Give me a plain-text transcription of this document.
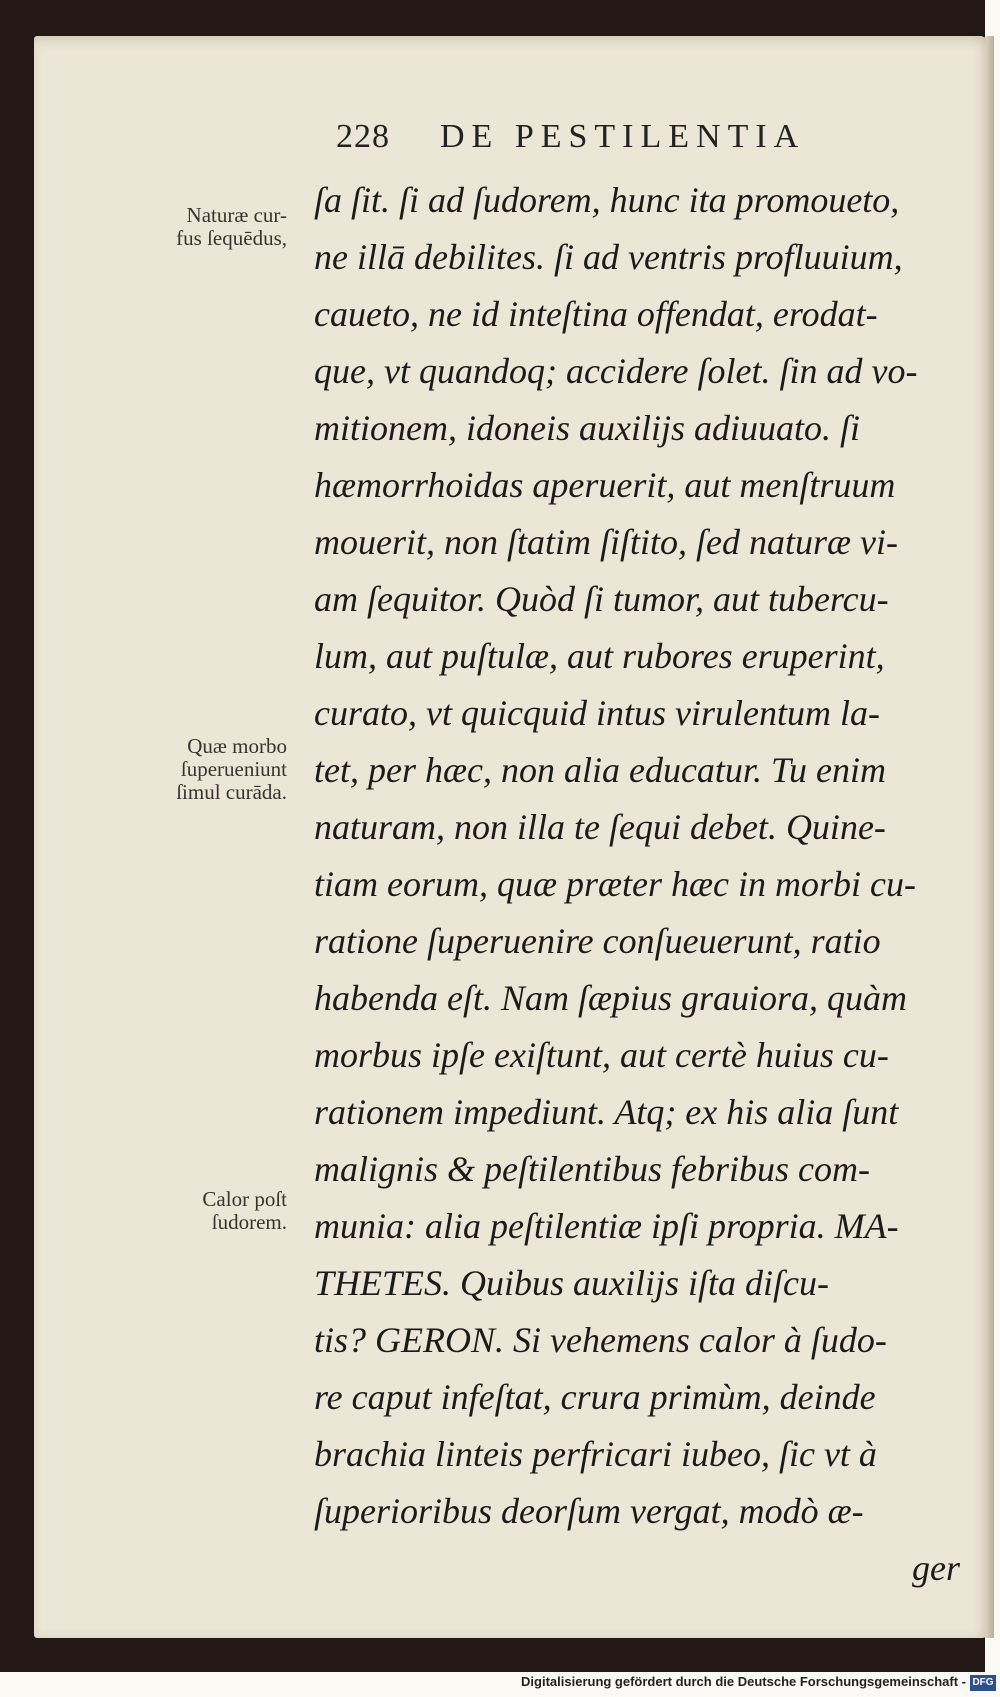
228 DE PESTILENTIA
Naturæ cur-
fus ſequēdus,
Quæ morbo
ſuperueniunt
ſimul curāda.
Calor poſt
ſudorem.
ſa ſit. ſi ad ſudorem, hunc ita promoueto,
ne illā debilites. ſi ad ventris profluuium,
caueto, ne id inteſtina offendat, erodat-
que, vt quandoq; accidere ſolet. ſin ad vo-
mitionem, idoneis auxilijs adiuuato. ſi
hæmorrhoidas aperuerit, aut menſtruum
mouerit, non ſtatim ſiſtito, ſed naturæ vi-
am ſequitor. Quòd ſi tumor, aut tubercu-
lum, aut puſtulæ, aut rubores eruperint,
curato, vt quicquid intus virulentum la-
tet, per hæc, non alia educatur. Tu enim
naturam, non illa te ſequi debet. Quine-
tiam eorum, quæ præter hæc in morbi cu-
ratione ſuperuenire conſueuerunt, ratio
habenda eſt. Nam ſæpius grauiora, quàm
morbus ipſe exiſtunt, aut certè huius cu-
rationem impediunt. Atq; ex his alia ſunt
malignis & peſtilentibus febribus com-
munia: alia peſtilentiæ ipſi propria. MA-
THETES. Quibus auxilijs iſta diſcu-
tis? GERON. Si vehemens calor à ſudo-
re caput infeſtat, crura primùm, deinde
brachia linteis perfricari iubeo, ſic vt à
ſuperioribus deorſum vergat, modò æ-
ger
Digitalisierung gefördert durch die Deutsche Forschungsgemeinschaft - DFG
